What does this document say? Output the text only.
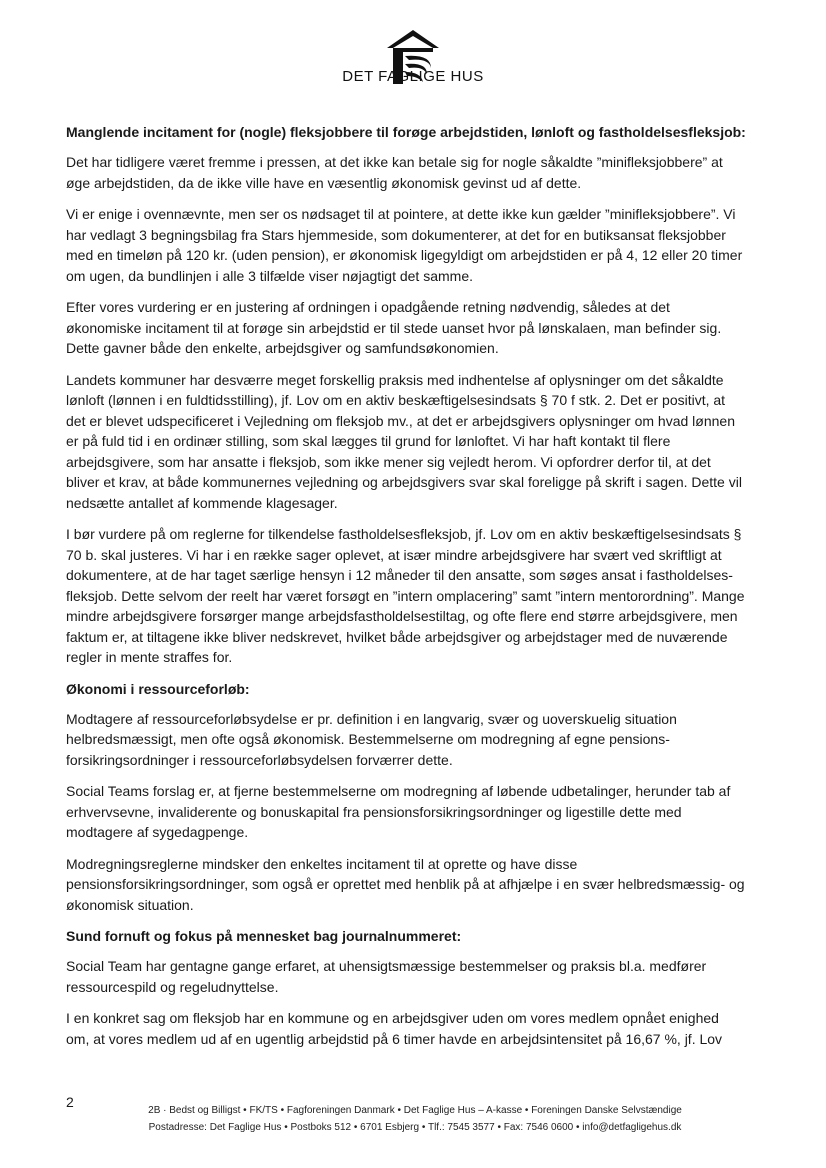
DET FAGLIGE HUS
Manglende incitament for (nogle) fleksjobbere til forøge arbejdstiden, lønloft og fastholdelsesfleksjob:

Det har tidligere været fremme i pressen, at det ikke kan betale sig for nogle såkaldte ”minifleksjobbere” at øge arbejdstiden, da de ikke ville have en væsentlig økonomisk gevinst ud af dette.

Vi er enige i ovennævnte, men ser os nødsaget til at pointere, at dette ikke kun gælder ”minifleksjobbere”. Vi har vedlagt 3 begningsbilag fra Stars hjemmeside, som dokumenterer, at det for en butiksansat fleksjobber med en timeløn på 120 kr. (uden pension), er økonomisk ligegyldigt om arbejdstiden er på 4, 12 eller 20 timer om ugen, da bundlinjen i alle 3 tilfælde viser nøjagtigt det samme.

Efter vores vurdering er en justering af ordningen i opadgående retning nødvendig, således at det økonomiske incitament til at forøge sin arbejdstid er til stede uanset hvor på lønskalaen, man befinder sig. Dette gavner både den enkelte, arbejdsgiver og samfundsøkonomien.

Landets kommuner har desværre meget forskellig praksis med indhentelse af oplysninger om det såkaldte lønloft (lønnen i en fuldtidsstilling), jf. Lov om en aktiv beskæftigelsesindsats § 70 f stk. 2. Det er positivt, at det er blevet udspecificeret i Vejledning om fleksjob mv., at det er arbejdsgivers oplysninger om hvad lønnen er på fuld tid i en ordinær stilling, som skal lægges til grund for lønloftet. Vi har haft kontakt til flere arbejdsgivere, som har ansatte i fleksjob, som ikke mener sig vejledt herom. Vi opfordrer derfor til, at det bliver et krav, at både kommunernes vejledning og arbejdsgivers svar skal foreligge på skrift i sagen. Dette vil nedsætte antallet af kommende klagesager.

I bør vurdere på om reglerne for tilkendelse fastholdelsesfleksjob, jf. Lov om en aktiv beskæftigelsesindsats § 70 b. skal justeres. Vi har i en række sager oplevet, at især mindre arbejdsgivere har svært ved skriftligt at dokumentere, at de har taget særlige hensyn i 12 måneder til den ansatte, som søges ansat i fastholdelses-fleksjob. Dette selvom der reelt har været forsøgt en ”intern omplacering” samt ”intern mentorordning”. Mange mindre arbejdsgivere forsørger mange arbejdsfastholdelsestiltag, og ofte flere end større arbejdsgivere, men faktum er, at tiltagene ikke bliver nedskrevet, hvilket både arbejdsgiver og arbejdstager med de nuværende regler in mente straffes for.

Økonomi i ressourceforløb:

Modtagere af ressourceforløbsydelse er pr. definition i en langvarig, svær og uoverskuelig situation helbredsmæssigt, men ofte også økonomisk. Bestemmelserne om modregning af egne pensions-forsikringsordninger i ressourceforløbsydelsen forværrer dette.

Social Teams forslag er, at fjerne bestemmelserne om modregning af løbende udbetalinger, herunder tab af erhvervsevne, invaliderente og bonuskapital fra pensionsforsikringsordninger og ligestille dette med modtagere af sygedagpenge.

Modregningsreglerne mindsker den enkeltes incitament til at oprette og have disse pensionsforsikringsordninger, som også er oprettet med henblik på at afhjælpe i en svær helbredsmæssig- og økonomisk situation.

Sund fornuft og fokus på mennesket bag journalnummeret:

Social Team har gentagne gange erfaret, at uhensigtsmæssige bestemmelser og praksis bl.a. medfører ressourcespild og regeludnyttelse.

I en konkret sag om fleksjob har en kommune og en arbejdsgiver uden om vores medlem opnået enighed om, at vores medlem ud af en ugentlig arbejdstid på 6 timer havde en arbejdsintensitet på 16,67 %, jf. Lov

2
2B · Bedst og Billigst • FK/TS • Fagforeningen Danmark • Det Faglige Hus – A-kasse • Foreningen Danske Selvstændige
Postadresse: Det Faglige Hus • Postboks 512 • 6701 Esbjerg • Tlf.: 7545 3577 • Fax: 7546 0600 • info@detfagligehus.dk
